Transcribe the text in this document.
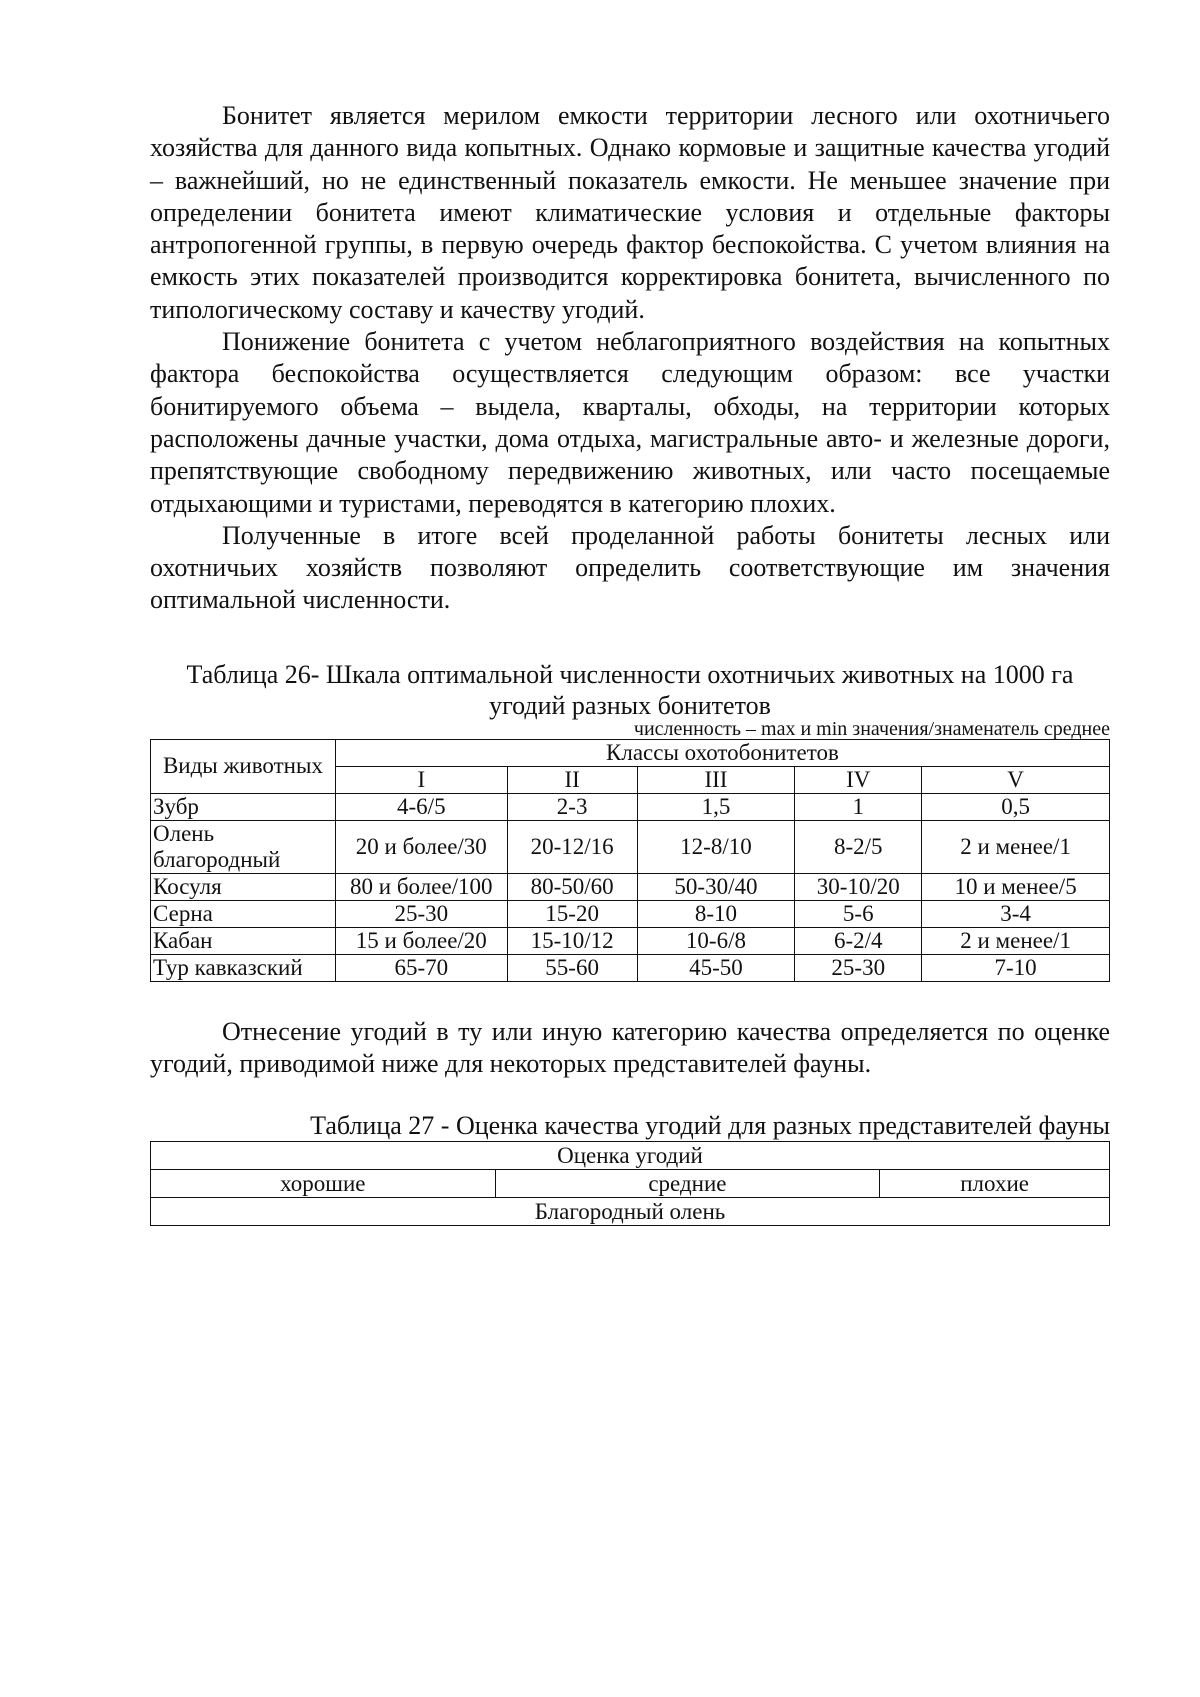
Бонитет является мерилом емкости территории лесного или охотничьего хозяйства для данного вида копытных. Однако кормовые и защитные качества угодий – важнейший, но не единственный показатель емкости. Не меньшее значение при определении бонитета имеют климатические условия и отдельные факторы антропогенной группы, в первую очередь фактор беспокойства. С учетом влияния на емкость этих показателей производится корректировка бонитета, вычисленного по типологическому составу и качеству угодий.

Понижение бонитета с учетом неблагоприятного воздействия на копытных фактора беспокойства осуществляется следующим образом: все участки бонитируемого объема – выдела, кварталы, обходы, на территории которых расположены дачные участки, дома отдыха, магистральные авто- и железные дороги, препятствующие свободному передвижению животных, или часто посещаемые отдыхающими и туристами, переводятся в категорию плохих.

Полученные в итоге всей проделанной работы бонитеты лесных или охотничьих хозяйств позволяют определить соответствующие им значения оптимальной численности.

Таблица 26- Шкала оптимальной численности охотничьих животных на 1000 га угодий разных бонитетов

численность – max и min значения/знаменатель среднее

Виды животных	Классы охотобонитетов				
	I	II	III	IV	V
Зубр	4-6/5	2-3	1,5	1	0,5
Олень благородный	20 и более/30	20-12/16	12-8/10	8-2/5	2 и менее/1
Косуля	80 и более/100	80-50/60	50-30/40	30-10/20	10 и менее/5
Серна	25-30	15-20	8-10	5-6	3-4
Кабан	15 и более/20	15-10/12	10-6/8	6-2/4	2 и менее/1
Тур кавказский	65-70	55-60	45-50	25-30	7-10

Отнесение угодий в ту или иную категорию качества определяется по оценке угодий, приводимой ниже для некоторых представителей фауны.

Таблица 27 - Оценка качества угодий для разных представителей фауны

Оценка угодий
хорошие	средние	плохие
Благородный олень
